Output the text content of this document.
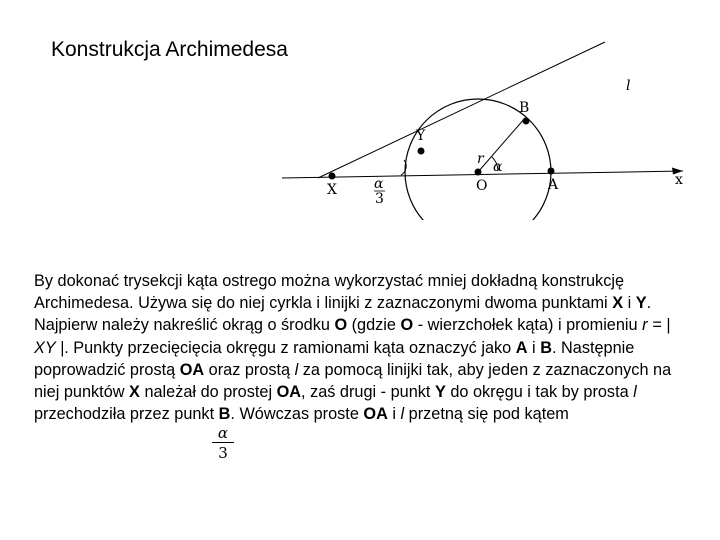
Konstrukcja Archimedesa
l
B
Y
r α
O	A	x
X	α
3

By dokonać trysekcji kąta ostrego można wykorzystać mniej dokładną konstrukcję Archimedesa. Używa się do niej cyrkla i linijki z zaznaczonymi dwoma punktami X i Y. Najpierw należy nakreślić okrąg o środku O (gdzie O - wierzchołek kąta) i promieniu r = | XY |. Punkty przecięcięcia okręgu z ramionami kąta oznaczyć jako A i B. Następnie poprowadzić prostą OA oraz prostą l za pomocą linijki tak, aby jeden z zaznaczonych na niej punktów X należał do prostej OA, zaś drugi - punkt Y do okręgu i tak by prosta l przechodziła przez punkt B. Wówczas proste OA i l przetną się pod kątem

α
3
